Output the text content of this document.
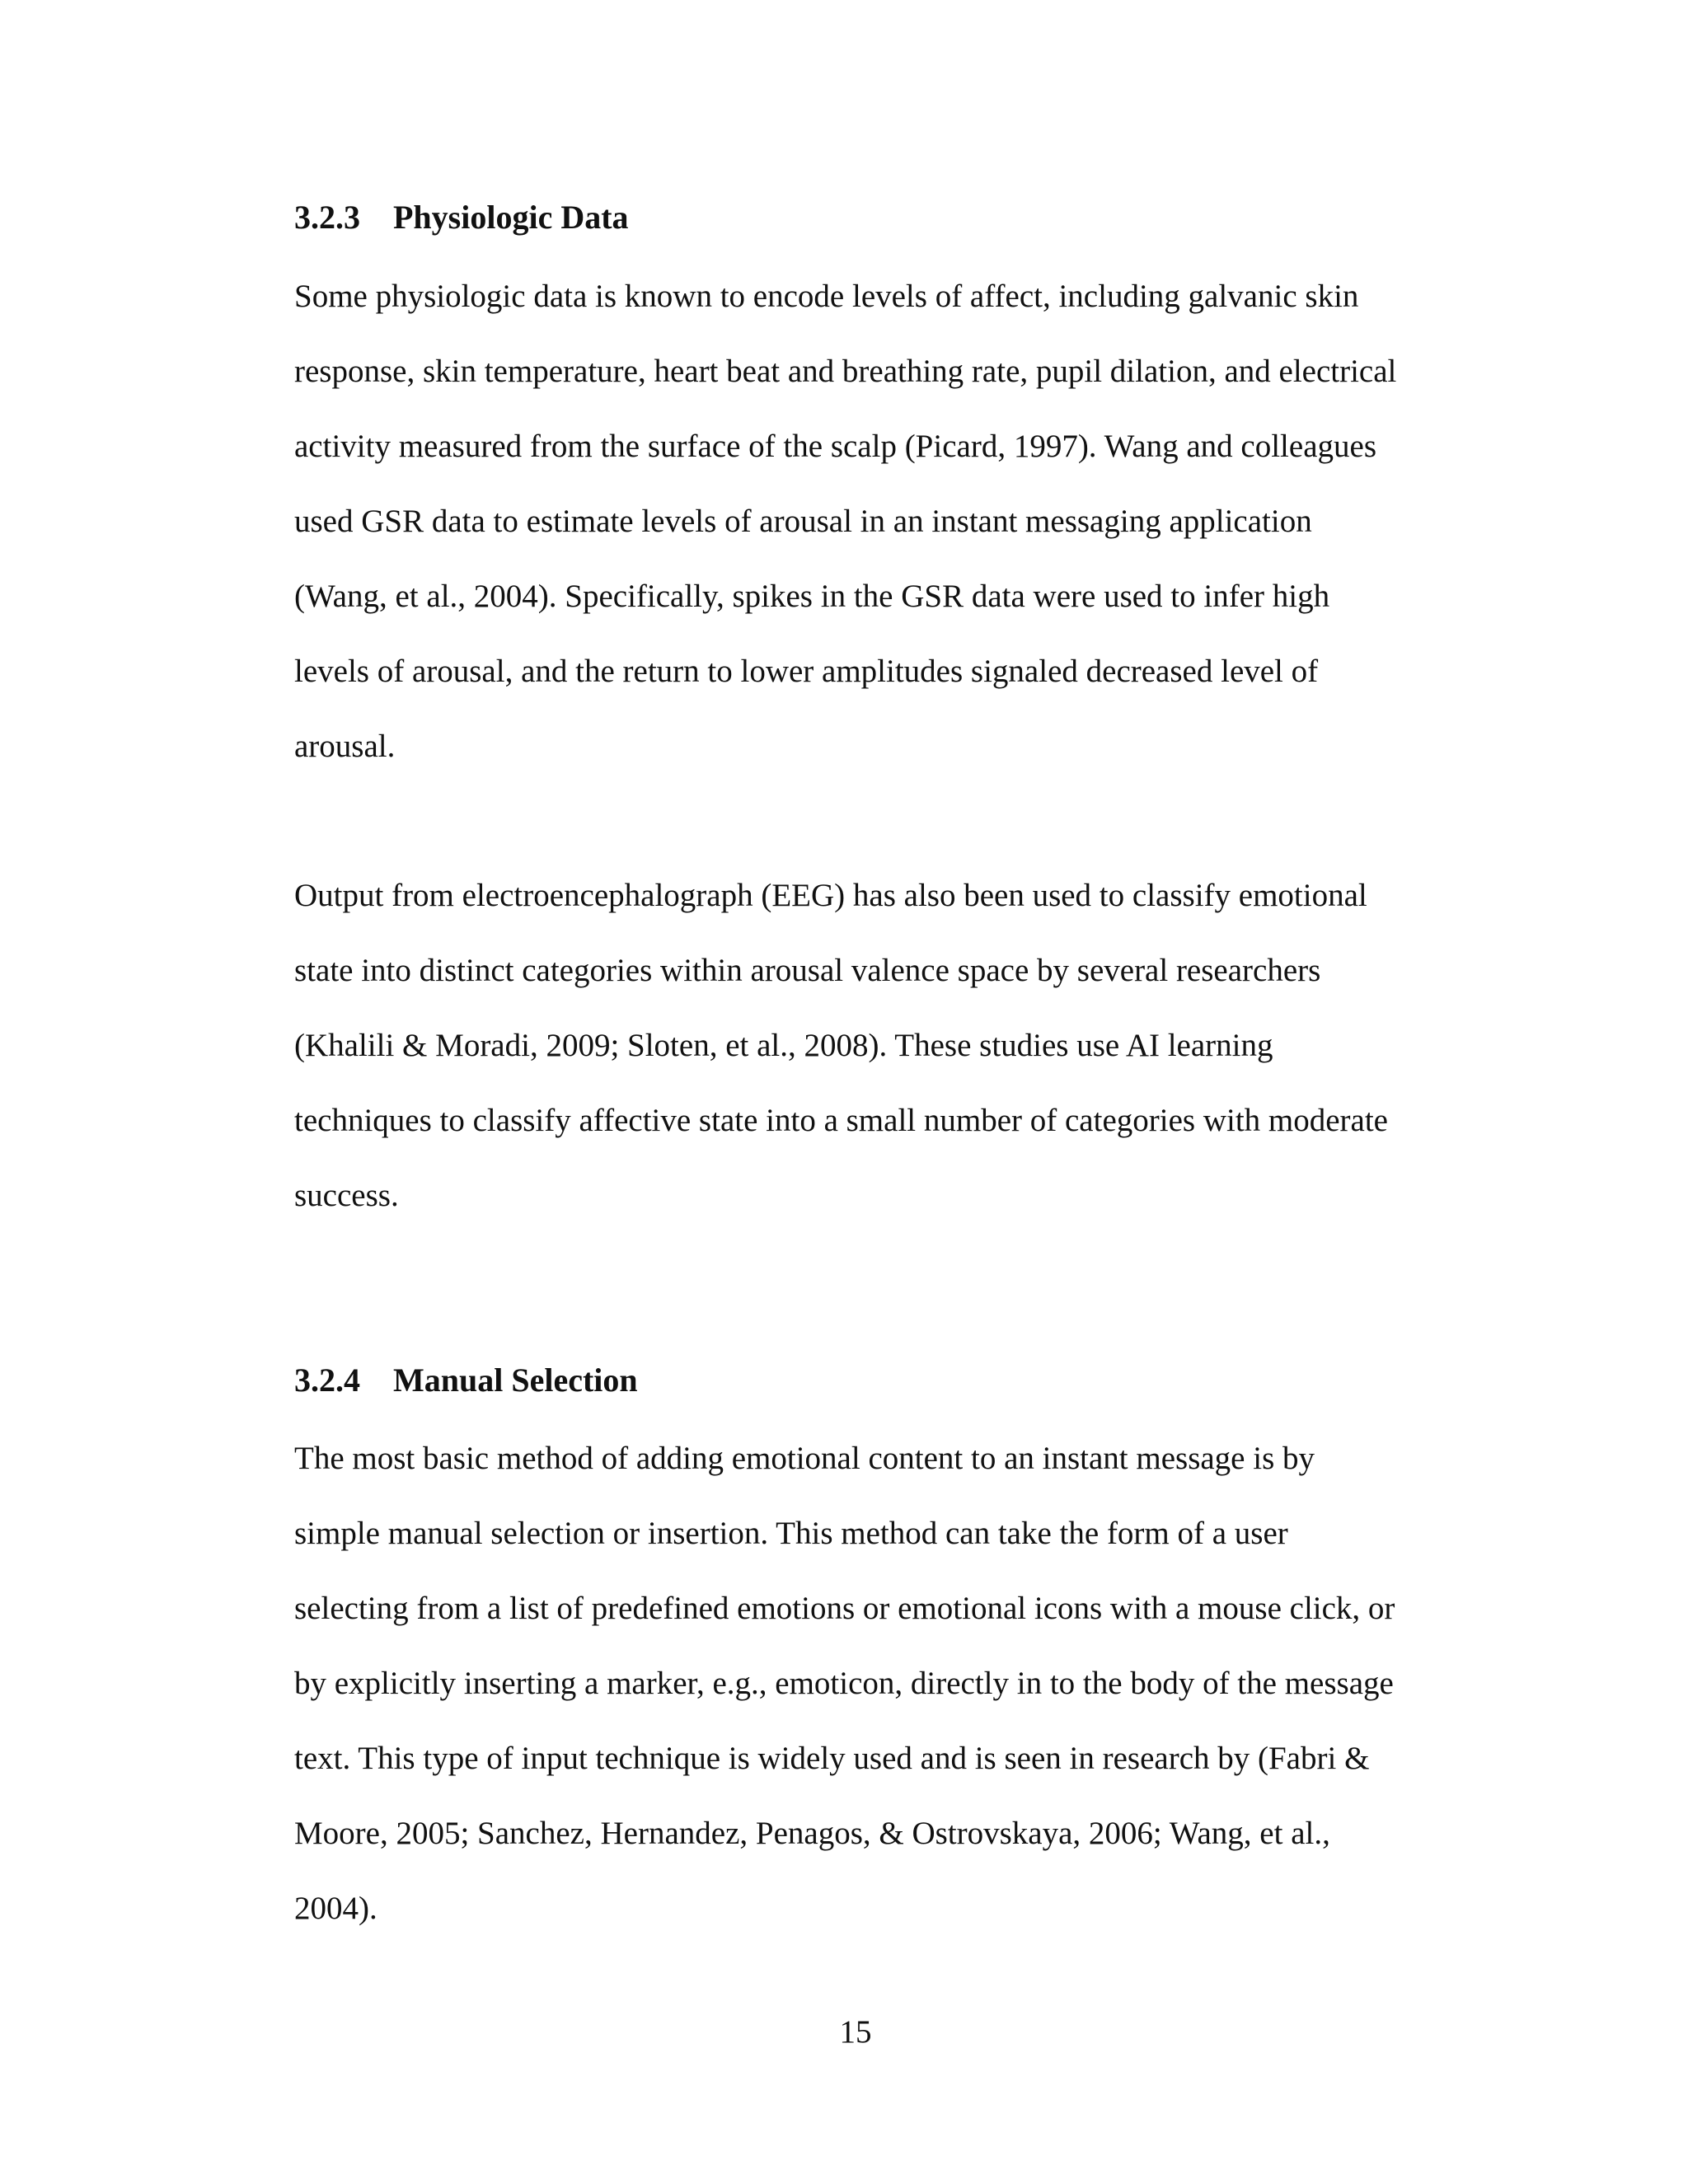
3.2.3 Physiologic Data

Some physiologic data is known to encode levels of affect, including galvanic skin

response, skin temperature, heart beat and breathing rate, pupil dilation, and electrical

activity measured from the surface of the scalp (Picard, 1997). Wang and colleagues

used GSR data to estimate levels of arousal in an instant messaging application

(Wang, et al., 2004). Specifically, spikes in the GSR data were used to infer high

levels of arousal, and the return to lower amplitudes signaled decreased level of

arousal.

Output from electroencephalograph (EEG) has also been used to classify emotional

state into distinct categories within arousal valence space by several researchers

(Khalili & Moradi, 2009; Sloten, et al., 2008). These studies use AI learning

techniques to classify affective state into a small number of categories with moderate

success.

3.2.4 Manual Selection

The most basic method of adding emotional content to an instant message is by

simple manual selection or insertion. This method can take the form of a user

selecting from a list of predefined emotions or emotional icons with a mouse click, or

by explicitly inserting a marker, e.g., emoticon, directly in to the body of the message

text. This type of input technique is widely used and is seen in research by (Fabri &

Moore, 2005; Sanchez, Hernandez, Penagos, & Ostrovskaya, 2006; Wang, et al.,

2004).

15
